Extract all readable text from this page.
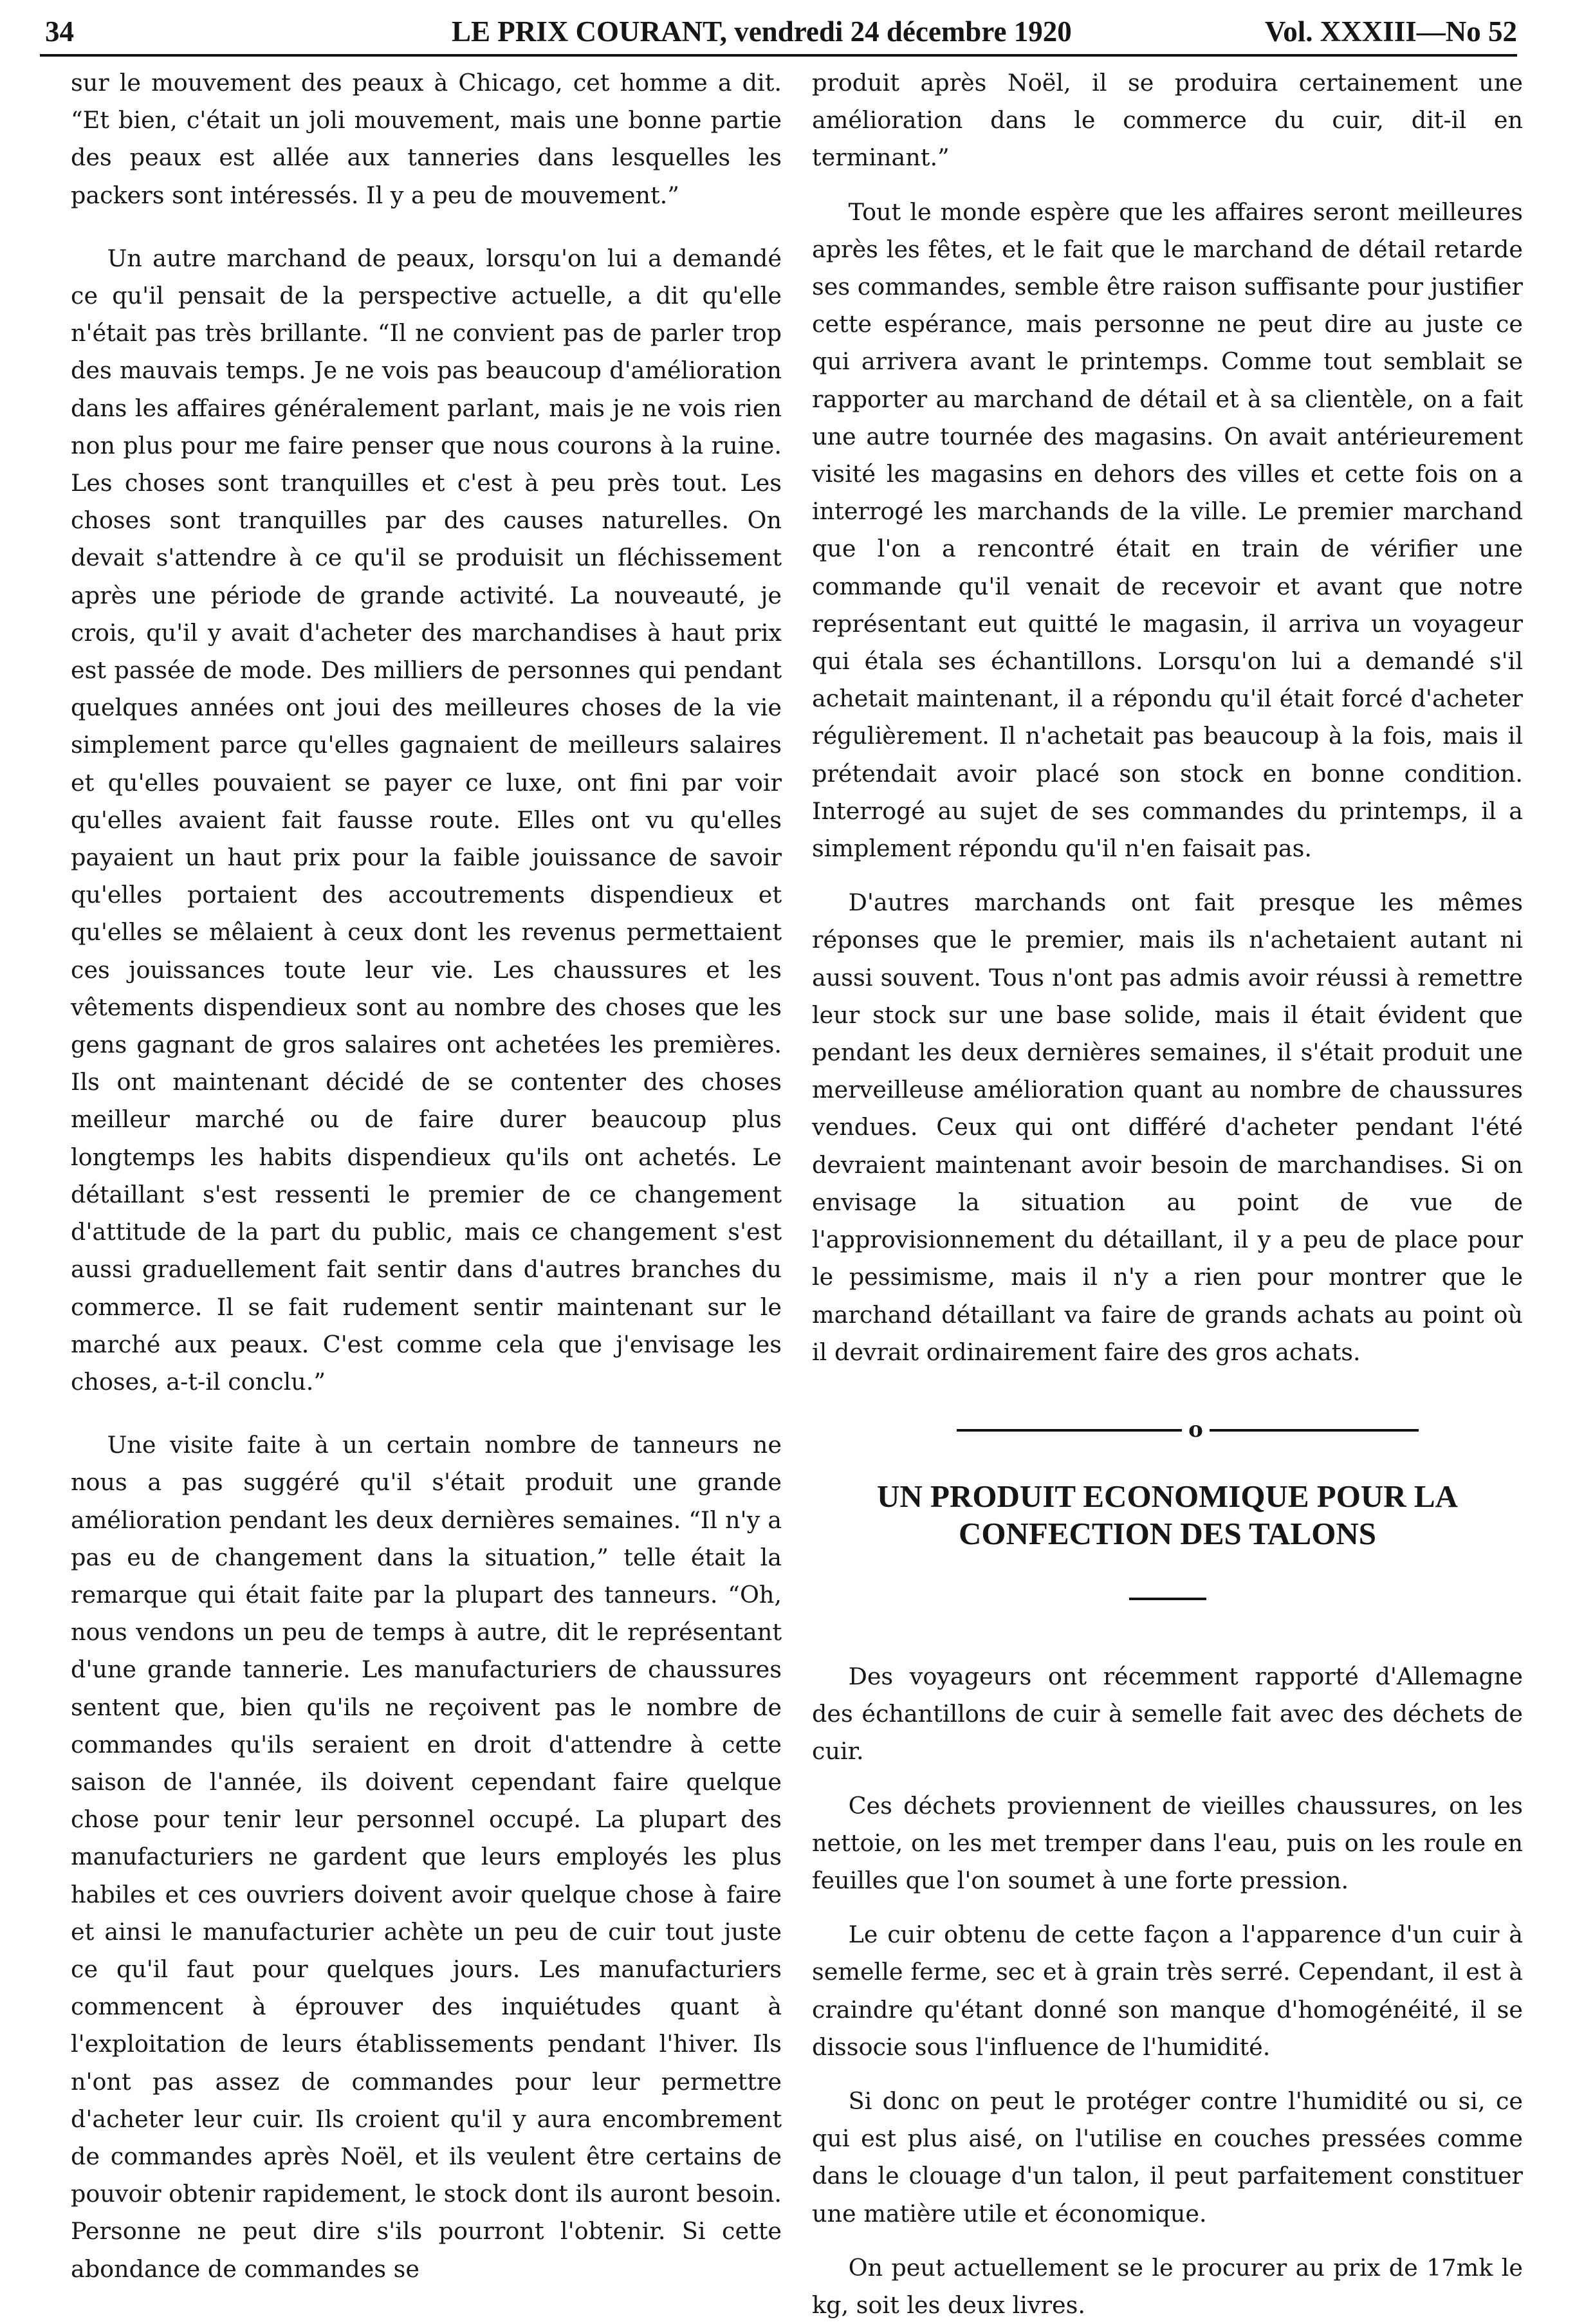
34	LE PRIX COURANT, vendredi 24 décembre 1920	Vol. XXXIII—No 52

sur le mouvement des peaux à Chicago, cet homme a dit. “Et bien, c'était un joli mouvement, mais une bonne partie des peaux est allée aux tanneries dans lesquelles les packers sont intéressés. Il y a peu de mouvement.”

Un autre marchand de peaux, lorsqu'on lui a demandé ce qu'il pensait de la perspective actuelle, a dit qu'elle n'était pas très brillante. “Il ne convient pas de parler trop des mauvais temps. Je ne vois pas beaucoup d'amélioration dans les affaires généralement parlant, mais je ne vois rien non plus pour me faire penser que nous courons à la ruine. Les choses sont tranquilles et c'est à peu près tout. Les choses sont tranquilles par des causes naturelles. On devait s'attendre à ce qu'il se produisit un fléchissement après une période de grande activité. La nouveauté, je crois, qu'il y avait d'acheter des marchandises à haut prix est passée de mode. Des milliers de personnes qui pendant quelques années ont joui des meilleures choses de la vie simplement parce qu'elles gagnaient de meilleurs salaires et qu'elles pouvaient se payer ce luxe, ont fini par voir qu'elles avaient fait fausse route. Elles ont vu qu'elles payaient un haut prix pour la faible jouissance de savoir qu'elles portaient des accoutrements dispendieux et qu'elles se mêlaient à ceux dont les revenus permettaient ces jouissances toute leur vie. Les chaussures et les vêtements dispendieux sont au nombre des choses que les gens gagnant de gros salaires ont achetées les premières. Ils ont maintenant décidé de se contenter des choses meilleur marché ou de faire durer beaucoup plus longtemps les habits dispendieux qu'ils ont achetés. Le détaillant s'est ressenti le premier de ce changement d'attitude de la part du public, mais ce changement s'est aussi graduellement fait sentir dans d'autres branches du commerce. Il se fait rudement sentir maintenant sur le marché aux peaux. C'est comme cela que j'envisage les choses, a-t-il conclu.”

Une visite faite à un certain nombre de tanneurs ne nous a pas suggéré qu'il s'était produit une grande amélioration pendant les deux dernières semaines. “Il n'y a pas eu de changement dans la situation,” telle était la remarque qui était faite par la plupart des tanneurs. “Oh, nous vendons un peu de temps à autre, dit le représentant d'une grande tannerie. Les manufacturiers de chaussures sentent que, bien qu'ils ne reçoivent pas le nombre de commandes qu'ils seraient en droit d'attendre à cette saison de l'année, ils doivent cependant faire quelque chose pour tenir leur personnel occupé. La plupart des manufacturiers ne gardent que leurs employés les plus habiles et ces ouvriers doivent avoir quelque chose à faire et ainsi le manufacturier achète un peu de cuir tout juste ce qu'il faut pour quelques jours. Les manufacturiers commencent à éprouver des inquiétudes quant à l'exploitation de leurs établissements pendant l'hiver. Ils n'ont pas assez de commandes pour leur permettre d'acheter leur cuir. Ils croient qu'il y aura encombrement de commandes après Noël, et ils veulent être certains de pouvoir obtenir rapidement, le stock dont ils auront besoin. Personne ne peut dire s'ils pourront l'obtenir. Si cette abondance de commandes se

produit après Noël, il se produira certainement une amélioration dans le commerce du cuir, dit-il en terminant.”

Tout le monde espère que les affaires seront meilleures après les fêtes, et le fait que le marchand de détail retarde ses commandes, semble être raison suffisante pour justifier cette espérance, mais personne ne peut dire au juste ce qui arrivera avant le printemps. Comme tout semblait se rapporter au marchand de détail et à sa clientèle, on a fait une autre tournée des magasins. On avait antérieurement visité les magasins en dehors des villes et cette fois on a interrogé les marchands de la ville. Le premier marchand que l'on a rencontré était en train de vérifier une commande qu'il venait de recevoir et avant que notre représentant eut quitté le magasin, il arriva un voyageur qui étala ses échantillons. Lorsqu'on lui a demandé s'il achetait maintenant, il a répondu qu'il était forcé d'acheter régulièrement. Il n'achetait pas beaucoup à la fois, mais il prétendait avoir placé son stock en bonne condition. Interrogé au sujet de ses commandes du printemps, il a simplement répondu qu'il n'en faisait pas.

D'autres marchands ont fait presque les mêmes réponses que le premier, mais ils n'achetaient autant ni aussi souvent. Tous n'ont pas admis avoir réussi à remettre leur stock sur une base solide, mais il était évident que pendant les deux dernières semaines, il s'était produit une merveilleuse amélioration quant au nombre de chaussures vendues. Ceux qui ont différé d'acheter pendant l'été devraient maintenant avoir besoin de marchandises. Si on envisage la situation au point de vue de l'approvisionnement du détaillant, il y a peu de place pour le pessimisme, mais il n'y a rien pour montrer que le marchand détaillant va faire de grands achats au point où il devrait ordinairement faire des gros achats.

o
UN PRODUIT ECONOMIQUE POUR LA
CONFECTION DES TALONS

Des voyageurs ont récemment rapporté d'Allemagne des échantillons de cuir à semelle fait avec des déchets de cuir.

Ces déchets proviennent de vieilles chaussures, on les nettoie, on les met tremper dans l'eau, puis on les roule en feuilles que l'on soumet à une forte pression.

Le cuir obtenu de cette façon a l'apparence d'un cuir à semelle ferme, sec et à grain très serré. Cependant, il est à craindre qu'étant donné son manque d'homogénéité, il se dissocie sous l'influence de l'humidité.

Si donc on peut le protéger contre l'humidité ou si, ce qui est plus aisé, on l'utilise en couches pressées comme dans le clouage d'un talon, il peut parfaitement constituer une matière utile et économique.

On peut actuellement se le procurer au prix de 17mk le kg, soit les deux livres.
